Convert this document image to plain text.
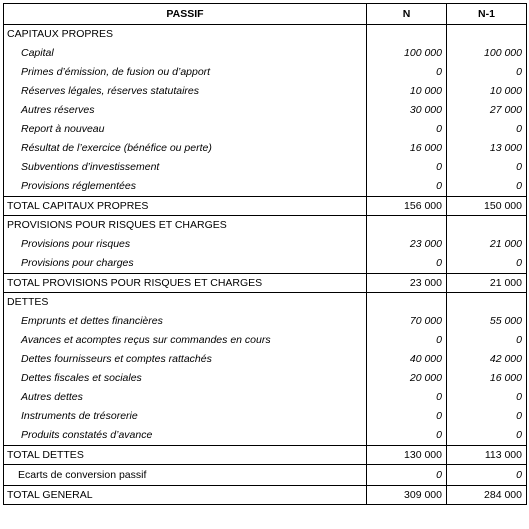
PASSIF	N	N-1
CAPITAUX PROPRES		
Capital	100 000	100 000
Primes d’émission, de fusion ou d’apport	0	0
Réserves légales, réserves statutaires	10 000	10 000
Autres réserves	30 000	27 000
Report à nouveau	0	0
Résultat de l’exercice (bénéfice ou perte)	16 000	13 000
Subventions d’investissement	0	0
Provisions réglementées	0	0
TOTAL CAPITAUX PROPRES	156 000	150 000
PROVISIONS POUR RISQUES ET CHARGES		
Provisions pour risques	23 000	21 000
Provisions pour charges	0	0
TOTAL PROVISIONS POUR RISQUES ET CHARGES	23 000	21 000
DETTES		
Emprunts et dettes financières	70 000	55 000
Avances et acomptes reçus sur commandes en cours	0	0
Dettes fournisseurs et comptes rattachés	40 000	42 000
Dettes fiscales et sociales	20 000	16 000
Autres dettes	0	0
Instruments de trésorerie	0	0
Produits constatés d’avance	0	0
TOTAL DETTES	130 000	113 000
Ecarts de conversion passif	0	0
TOTAL GENERAL	309 000	284 000
